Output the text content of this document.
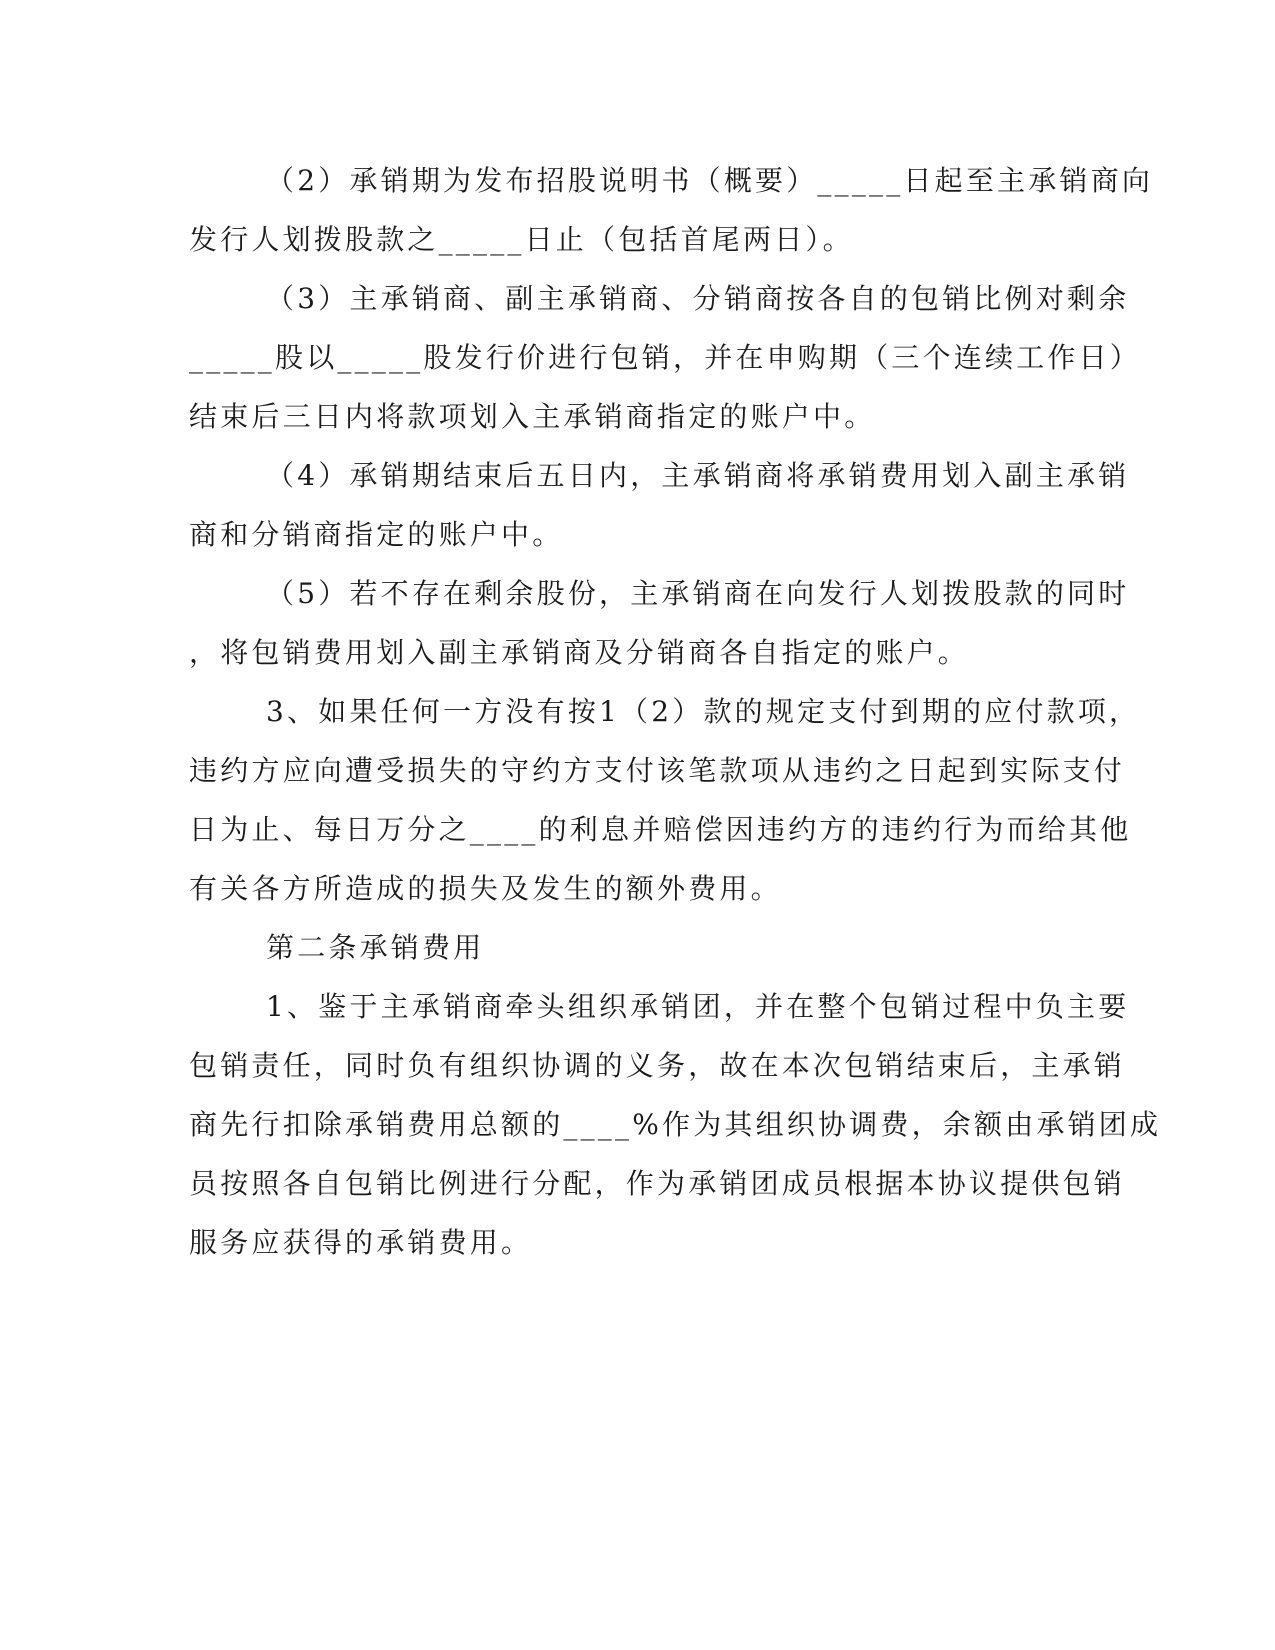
（2）承销期为发布招股说明书（概要）_____日起至主承销商向

发行人划拨股款之_____日止（包括首尾两日）。

（3）主承销商、副主承销商、分销商按各自的包销比例对剩余

_____股以_____股发行价进行包销，并在申购期（三个连续工作日）

结束后三日内将款项划入主承销商指定的账户中。

（4）承销期结束后五日内，主承销商将承销费用划入副主承销

商和分销商指定的账户中。

（5）若不存在剩余股份，主承销商在向发行人划拨股款的同时

，将包销费用划入副主承销商及分销商各自指定的账户。

3、如果任何一方没有按1（2）款的规定支付到期的应付款项，

违约方应向遭受损失的守约方支付该笔款项从违约之日起到实际支付

日为止、每日万分之____的利息并赔偿因违约方的违约行为而给其他

有关各方所造成的损失及发生的额外费用。

第二条承销费用

1、鉴于主承销商牵头组织承销团，并在整个包销过程中负主要

包销责任，同时负有组织协调的义务，故在本次包销结束后，主承销

商先行扣除承销费用总额的____%作为其组织协调费，余额由承销团成

员按照各自包销比例进行分配，作为承销团成员根据本协议提供包销

服务应获得的承销费用。
